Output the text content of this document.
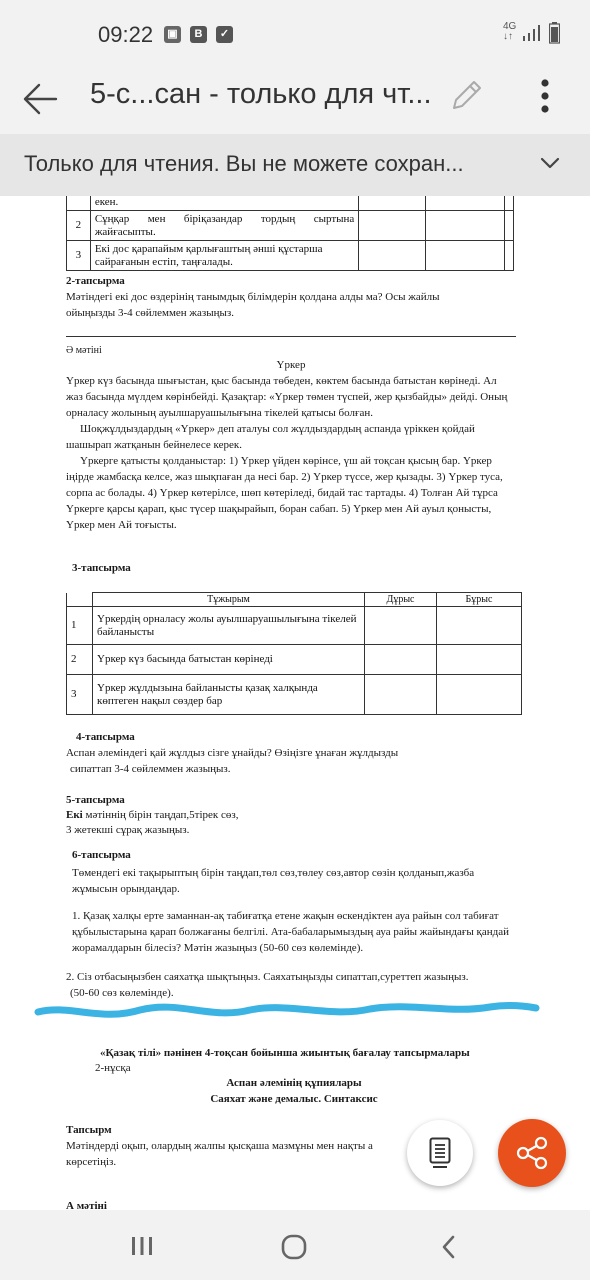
09:22 ▣	В	✓
4G
↓↑
5-с...сан - только для чт...
Только для чтения. Вы не можете сохран...
	екен.			
2	Сұңқар мен біріқазандар тордың сыртына жайғасыпты.			
3	Екі дос қарапайым қарлығаштың әншi құстарша сайрағанын естіп, таңғалады.			
2-тапсырма
Мәтіндегі екі дос өздерінің танымдық білімдерін қолдана алды ма? Осы жайлы
ойыңызды 3-4 сөйлеммен жазыңыз.
Ә мәтіні
Үркер
Үркер күз басында шығыстан, қыс басында төбеден, көктем басында батыстан көрінеді. Ал
жаз басында мүлдем көрінбейді. Қазақтар: «Үркер төмен түспей, жер қызбайды» дейді. Оның
орналасу жолының ауылшаруашылығына тікелей қатысы болған.
Шоқжұлдыздардың «Үркер» деп аталуы сол жұлдыздардың аспанда үріккен қойдай
шашырап жатқанын бейнелесе керек.
Үркерге қатысты қолданыстар: 1) Үркер үйден көрінсе, үш ай тоқсан қысың бар. Үркер
іңірде жамбасқа келсе, жаз шықпаған да несі бар. 2) Үркер түссе, жер қызады. 3) Үркер туса,
сорпа ас болады. 4) Үркер көтерілсе, шөп көтеріледі, бидай тас тартады. 4) Толған Ай тұрса
Үркерге қарсы қарап, қыс түсер шақырайып, боран сабап. 5) Үркер мен Ай ауыл қонысты,
Үркер мен Ай тоғысты.
3-тапсырма
	Тұжырым	Дұрыс	Бұрыс
1	Үркердің орналасу жолы ауылшаруашылығына тікелей байланысты		
2	Үркер күз басында батыстан көрінеді		
3	Үркер жұлдызына байланысты қазақ халқында көптеген нақыл сөздер бар		
4-тапсырма
Аспан әлеміндегі қай жұлдыз сізге ұнайды? Өзіңізге ұнаған жұлдызды
сипаттап 3-4 сөйлеммен жазыңыз.
5-тапсырма
Екі мәтіннің бірін таңдап,5тірек сөз,
3 жетекші сұрақ жазыңыз.
6-тапсырма
Төмендегі екі тақырыптың бірін таңдап,төл сөз,төлеу сөз,автор сөзін қолданып,жазба
жұмысын орындаңдар.
1. Қазақ халқы ерте заманнан-ақ табиғатқа етене жақын өскендіктен ауа райын сол табиғат
құбылыстарына қарап болжағаны белгілі. Ата-бабаларымыздың ауа райы жайындағы қандай
жорамалдарын білесіз? Мәтін жазыңыз (50-60 сөз көлемінде).
2. Сіз отбасыңызбен саяхатқа шықтыңыз. Саяхатыңызды сипаттап,суреттеп жазыңыз.
(50-60 сөз көлемінде).
«Қазақ тілі» пәнінен 4-тоқсан бойынша жиынтық бағалау тапсырмалары
2-нұсқа
Аспан әлемінің құпиялары
Саяхат және демалыс. Синтаксис
Тапсырм
Мәтіндерді оқып, олардың жалпы қысқаша мазмұны мен нақты а
көрсетіңіз.
А мәтіні
